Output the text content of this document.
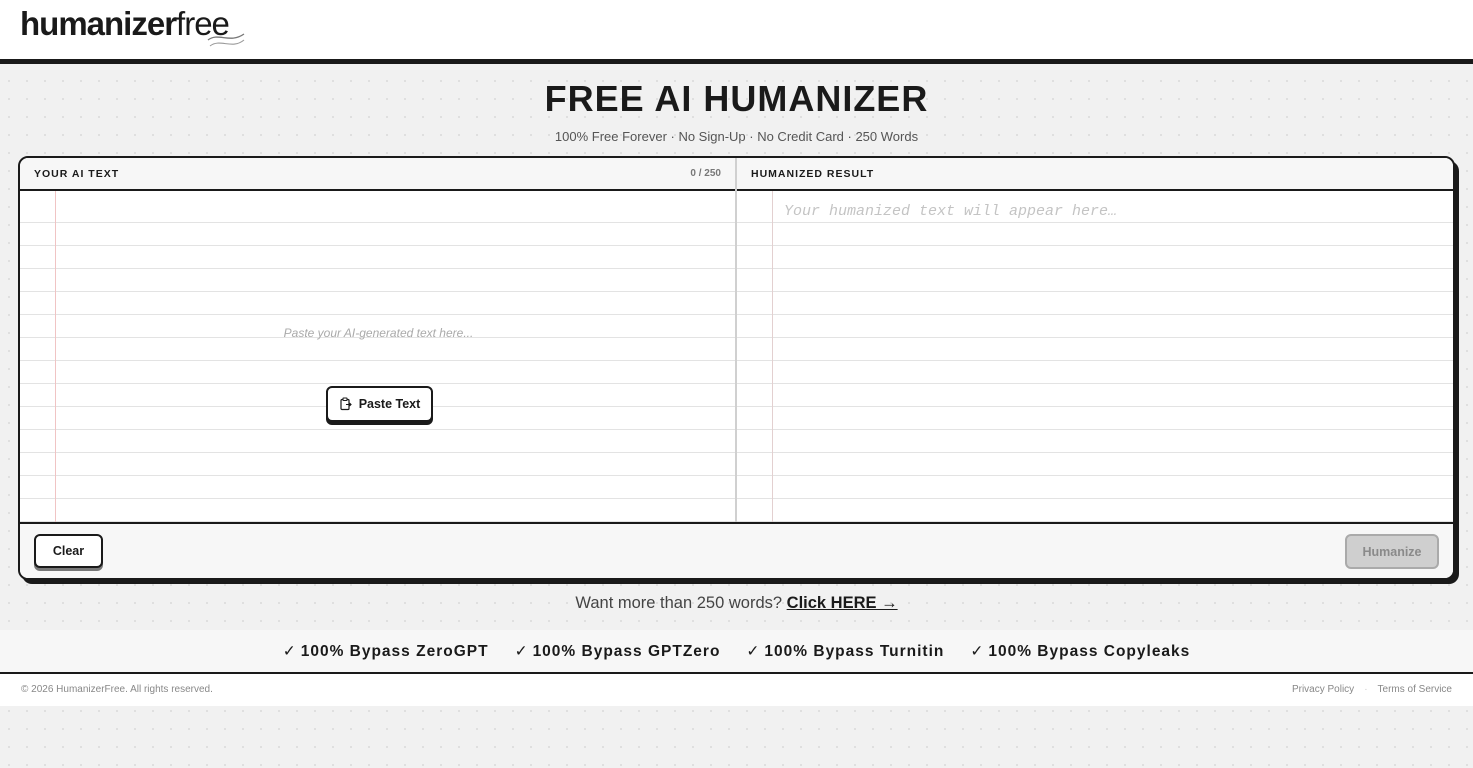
humanizerfree
FREE AI HUMANIZER

100% Free Forever · No Sign-Up · No Credit Card · 250 Words

YOUR AI TEXT	0 / 250
Paste your AI-generated text here...
Paste Text
HUMANIZED RESULT
Your humanized text will appear here…
Clear	Humanize

Want more than 250 words? Click HERE →

✓ 100% Bypass ZeroGPT ✓ 100% Bypass GPTZero ✓ 100% Bypass Turnitin ✓ 100% Bypass Copyleaks
© 2026 HumanizerFree. All rights reserved.	Privacy Policy · Terms of Service
